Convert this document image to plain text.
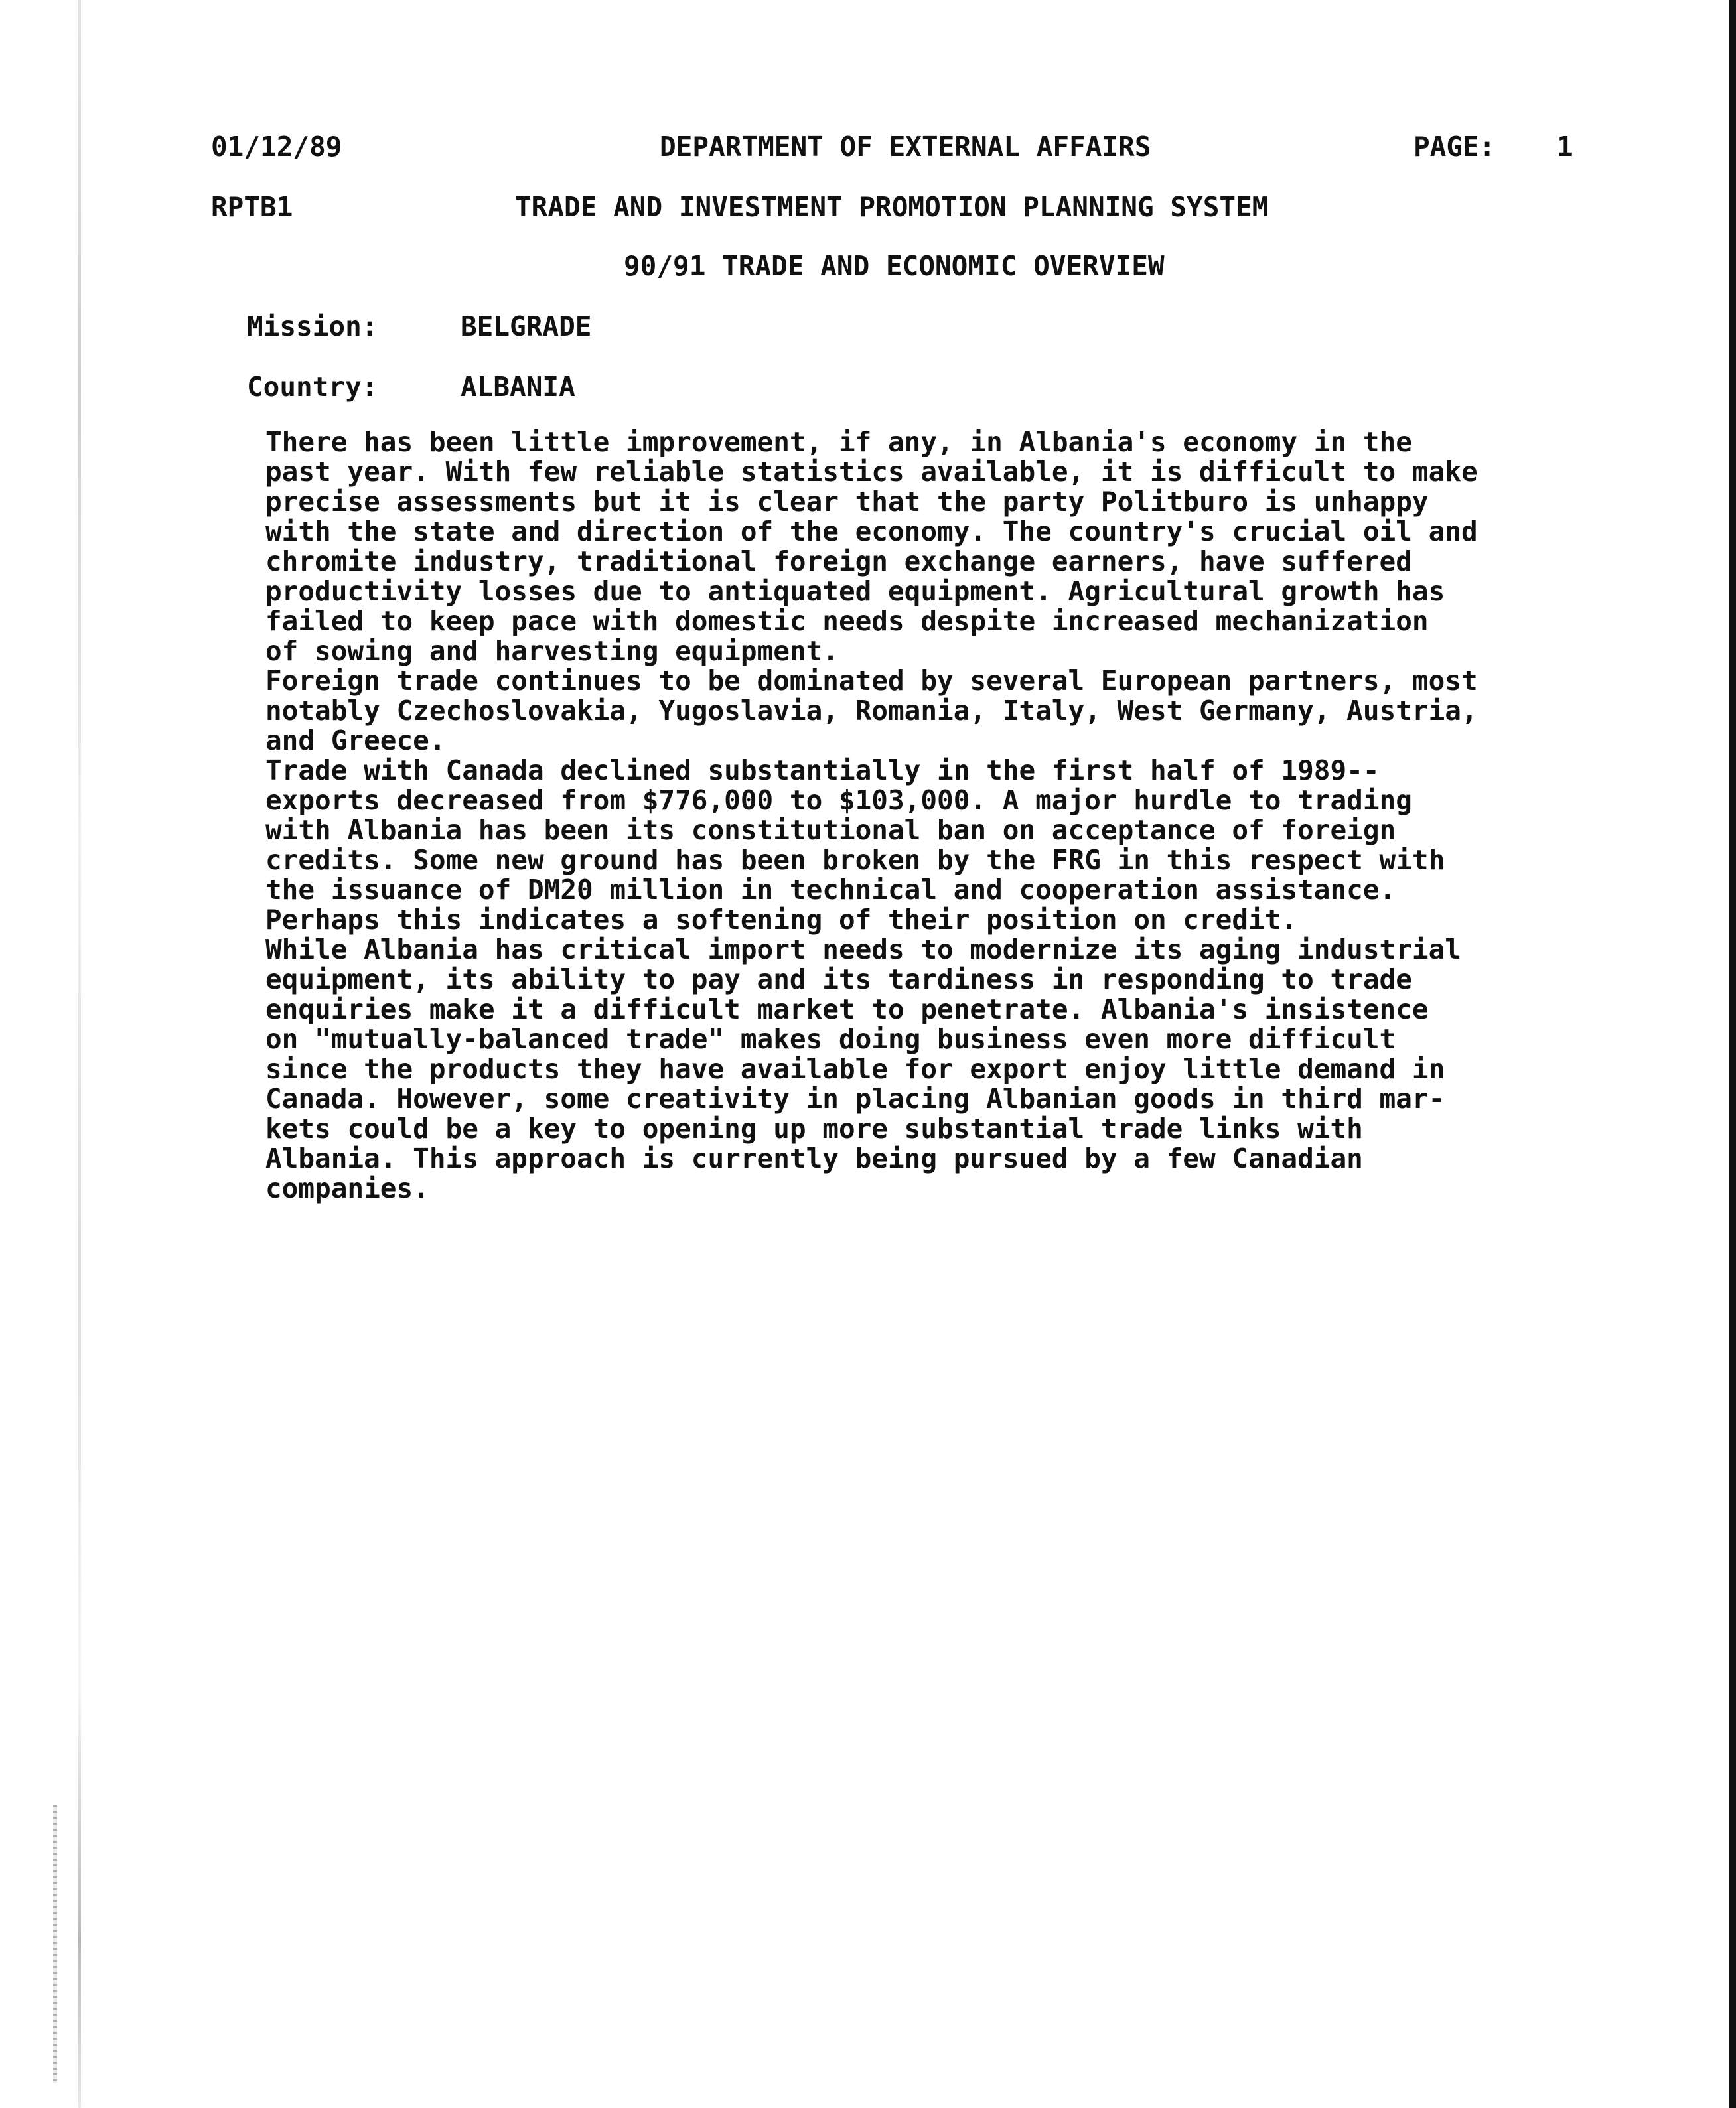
01/12/89	DEPARTMENT OF EXTERNAL AFFAIRS	PAGE: 1
RPTB1	TRADE AND INVESTMENT PROMOTION PLANNING SYSTEM
90/91 TRADE AND ECONOMIC OVERVIEW
Mission:	BELGRADE
Country:	ALBANIA

There has been little improvement, if any, in Albania's economy in the

past year. With few reliable statistics available, it is difficult to make

precise assessments but it is clear that the party Politburo is unhappy

with the state and direction of the economy. The country's crucial oil and

chromite industry, traditional foreign exchange earners, have suffered

productivity losses due to antiquated equipment. Agricultural growth has

failed to keep pace with domestic needs despite increased mechanization

of sowing and harvesting equipment.

Foreign trade continues to be dominated by several European partners, most

notably Czechoslovakia, Yugoslavia, Romania, Italy, West Germany, Austria,

and Greece.

Trade with Canada declined substantially in the first half of 1989--

exports decreased from $776,000 to $103,000. A major hurdle to trading

with Albania has been its constitutional ban on acceptance of foreign

credits. Some new ground has been broken by the FRG in this respect with

the issuance of DM20 million in technical and cooperation assistance.

Perhaps this indicates a softening of their position on credit.

While Albania has critical import needs to modernize its aging industrial

equipment, its ability to pay and its tardiness in responding to trade

enquiries make it a difficult market to penetrate. Albania's insistence

on "mutually-balanced trade" makes doing business even more difficult

since the products they have available for export enjoy little demand in

Canada. However, some creativity in placing Albanian goods in third mar-

kets could be a key to opening up more substantial trade links with

Albania. This approach is currently being pursued by a few Canadian

companies.
